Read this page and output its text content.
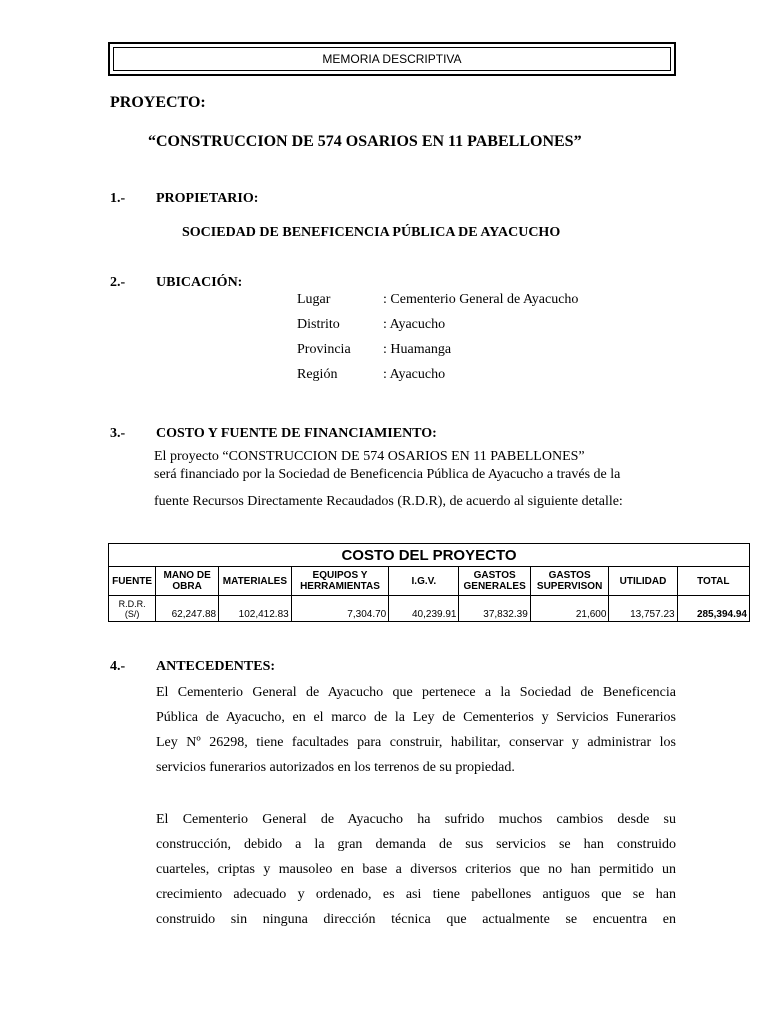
MEMORIA DESCRIPTIVA
PROYECTO:
“CONSTRUCCION DE 574 OSARIOS EN 11 PABELLONES”
1.- PROPIETARIO:
SOCIEDAD DE BENEFICENCIA PÚBLICA DE AYACUCHO
2.- UBICACIÓN:
Lugar	: Cementerio General de Ayacucho
Distrito	: Ayacucho
Provincia : Huamanga
Región	: Ayacucho
3.- COSTO Y FUENTE DE FINANCIAMIENTO:
El proyecto “CONSTRUCCION DE 574 OSARIOS EN 11 PABELLONES”
será financiado por la Sociedad de Beneficencia Pública de Ayacucho a través de la
fuente Recursos Directamente Recaudados (R.D.R), de acuerdo al siguiente detalle:
COSTO DEL PROYECTO								
FUENTE	MANO DE OBRA	MATERIALES	EQUIPOS Y HERRAMIENTAS	I.G.V.	GASTOS GENERALES	GASTOS SUPERVISON	UTILIDAD	TOTAL
R.D.R. (S/)	62,247.88	102,412.83	7,304.70	40,239.91	37,832.39	21,600	13,757.23	285,394.94
4.- ANTECEDENTES:
El Cementerio General de Ayacucho que pertenece a la Sociedad de Beneficencia
Pública de Ayacucho, en el marco de la Ley de Cementerios y Servicios Funerarios
Ley Nº 26298, tiene facultades para construir, habilitar, conservar y administrar los
servicios funerarios autorizados en los terrenos de su propiedad.
El Cementerio General de Ayacucho ha sufrido muchos cambios desde su
construcción, debido a la gran demanda de sus servicios se han construido
cuarteles, criptas y mausoleo en base a diversos criterios que no han permitido un
crecimiento adecuado y ordenado, es asi tiene pabellones antiguos que se han
construido sin ninguna dirección técnica que actualmente se encuentra en
